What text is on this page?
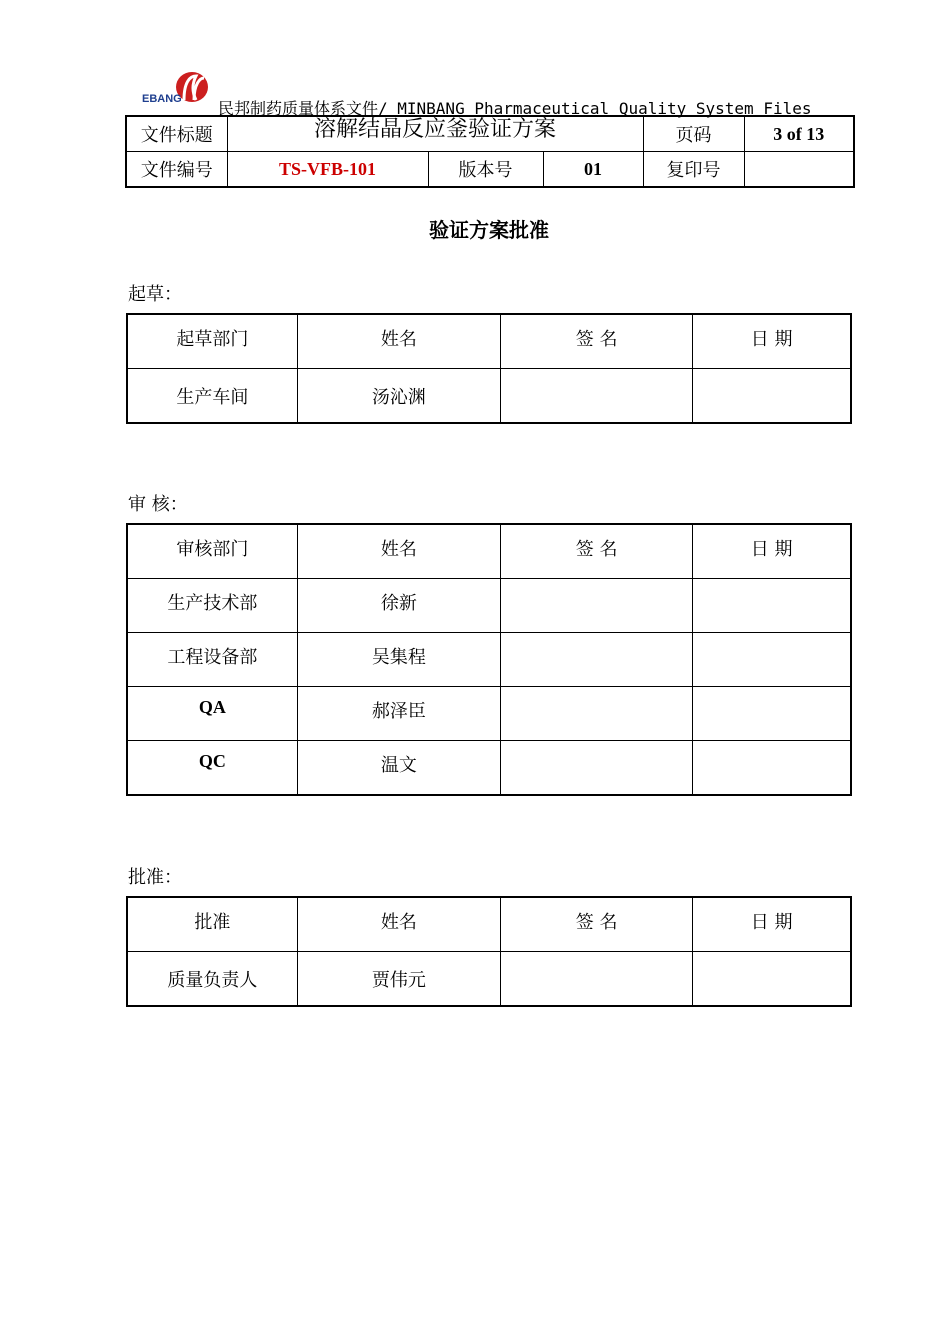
EBANG 民邦制药质量体系文件/ MINBANG Pharmaceutical Quality System Files
文件标题	溶解结晶反应釜验证方案			页码	3 of 13
文件编号	TS-VFB-101	版本号	01	复印号	
验证方案批准
起草：
起草部门	姓名	签 名	日 期
生产车间	汤沁渊		
审 核：
审核部门	姓名	签 名	日 期
生产技术部	徐新		
工程设备部	吴集程		
QA	郝泽臣		
QC	温文		
批准：
批准	姓名	签 名	日 期
质量负责人	贾伟元		
